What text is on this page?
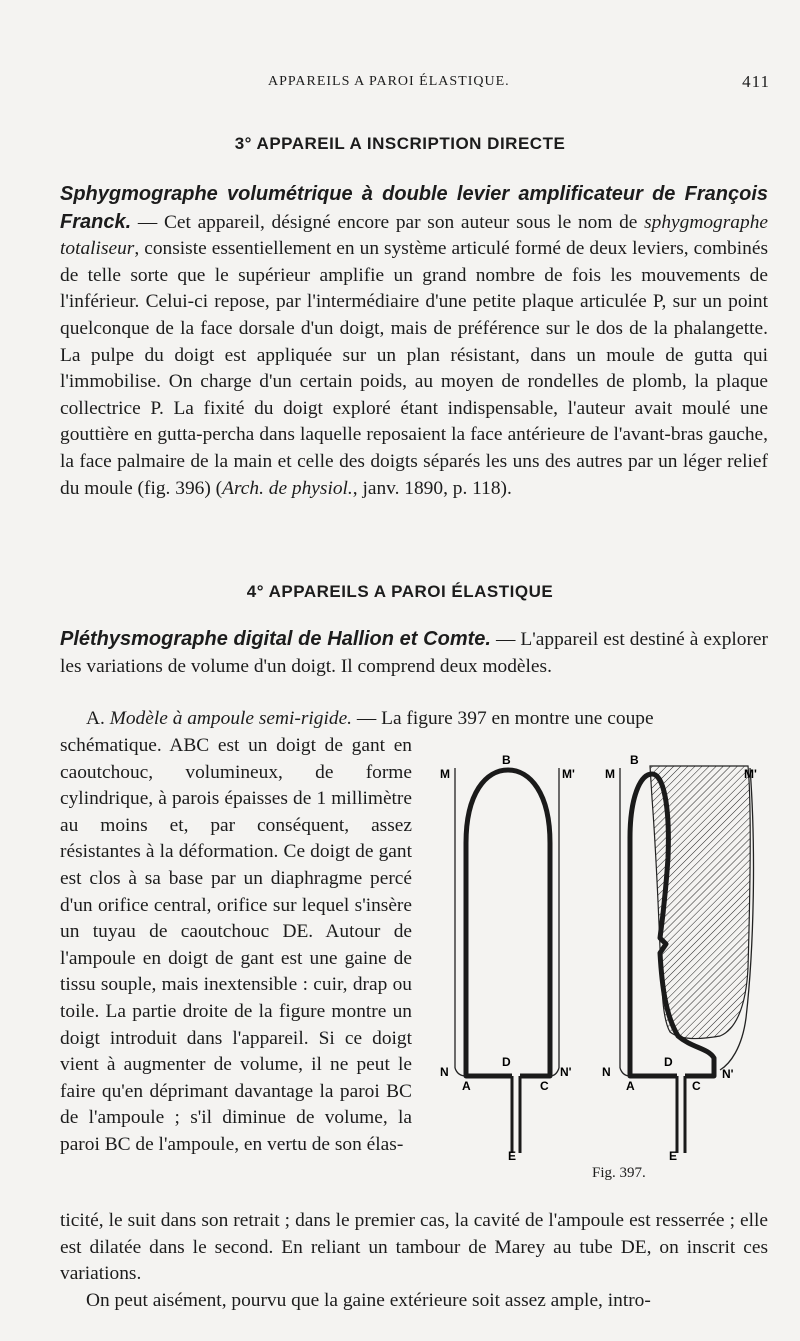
APPAREILS A PAROI ÉLASTIQUE.	411
3° APPAREIL A INSCRIPTION DIRECTE

Sphygmographe volumétrique à double levier amplificateur de François Franck. — Cet appareil, désigné encore par son auteur sous le nom de sphygmographe totaliseur, consiste essentiellement en un système articulé formé de deux leviers, combinés de telle sorte que le supérieur amplifie un grand nombre de fois les mouvements de l'inférieur. Celui-ci repose, par l'intermédiaire d'une petite plaque articulée P, sur un point quelconque de la face dorsale d'un doigt, mais de préférence sur le dos de la phalangette. La pulpe du doigt est appliquée sur un plan résistant, dans un moule de gutta qui l'immobilise. On charge d'un certain poids, au moyen de rondelles de plomb, la plaque collectrice P. La fixité du doigt exploré étant indispensable, l'auteur avait moulé une gouttière en gutta-percha dans laquelle reposaient la face antérieure de l'avant-bras gauche, la face palmaire de la main et celle des doigts séparés les uns des autres par un léger relief du moule (fig. 396) (Arch. de physiol., janv. 1890, p. 118).

4° APPAREILS A PAROI ÉLASTIQUE

Pléthysmographe digital de Hallion et Comte. — L'appareil est destiné à explorer les variations de volume d'un doigt. Il comprend deux modèles.

A. Modèle à ampoule semi-rigide. — La figure 397 en montre une coupe

schématique. ABC est un doigt de gant en caoutchouc, volumineux, de forme cylindrique, à parois épaisses de 1 millimètre au moins et, par conséquent, assez résistantes à la déformation. Ce doigt de gant est clos à sa base par un diaphragme percé d'un orifice central, orifice sur lequel s'insère un tuyau de caoutchouc DE. Autour de l'ampoule en doigt de gant est une gaine de tissu souple, mais inextensible : cuir, drap ou toile. La partie droite de la figure montre un doigt introduit dans l'appareil. Si ce doigt vient à augmenter de volume, il ne peut le faire qu'en déprimant davantage la paroi BC de l'ampoule ; s'il diminue de volume, la paroi BC de l'ampoule, en vertu de son élas-

ticité, le suit dans son retrait ; dans le premier cas, la cavité de l'ampoule est resserrée ; elle est dilatée dans le second. En reliant un tambour de Marey au tube DE, on inscrit ces variations.

On peut aisément, pourvu que la gaine extérieure soit assez ample, intro-

M
B
M'
N	N'
A
D
C
E
M
B
M'
N	N'
A
D
C
E
Fig. 397.
